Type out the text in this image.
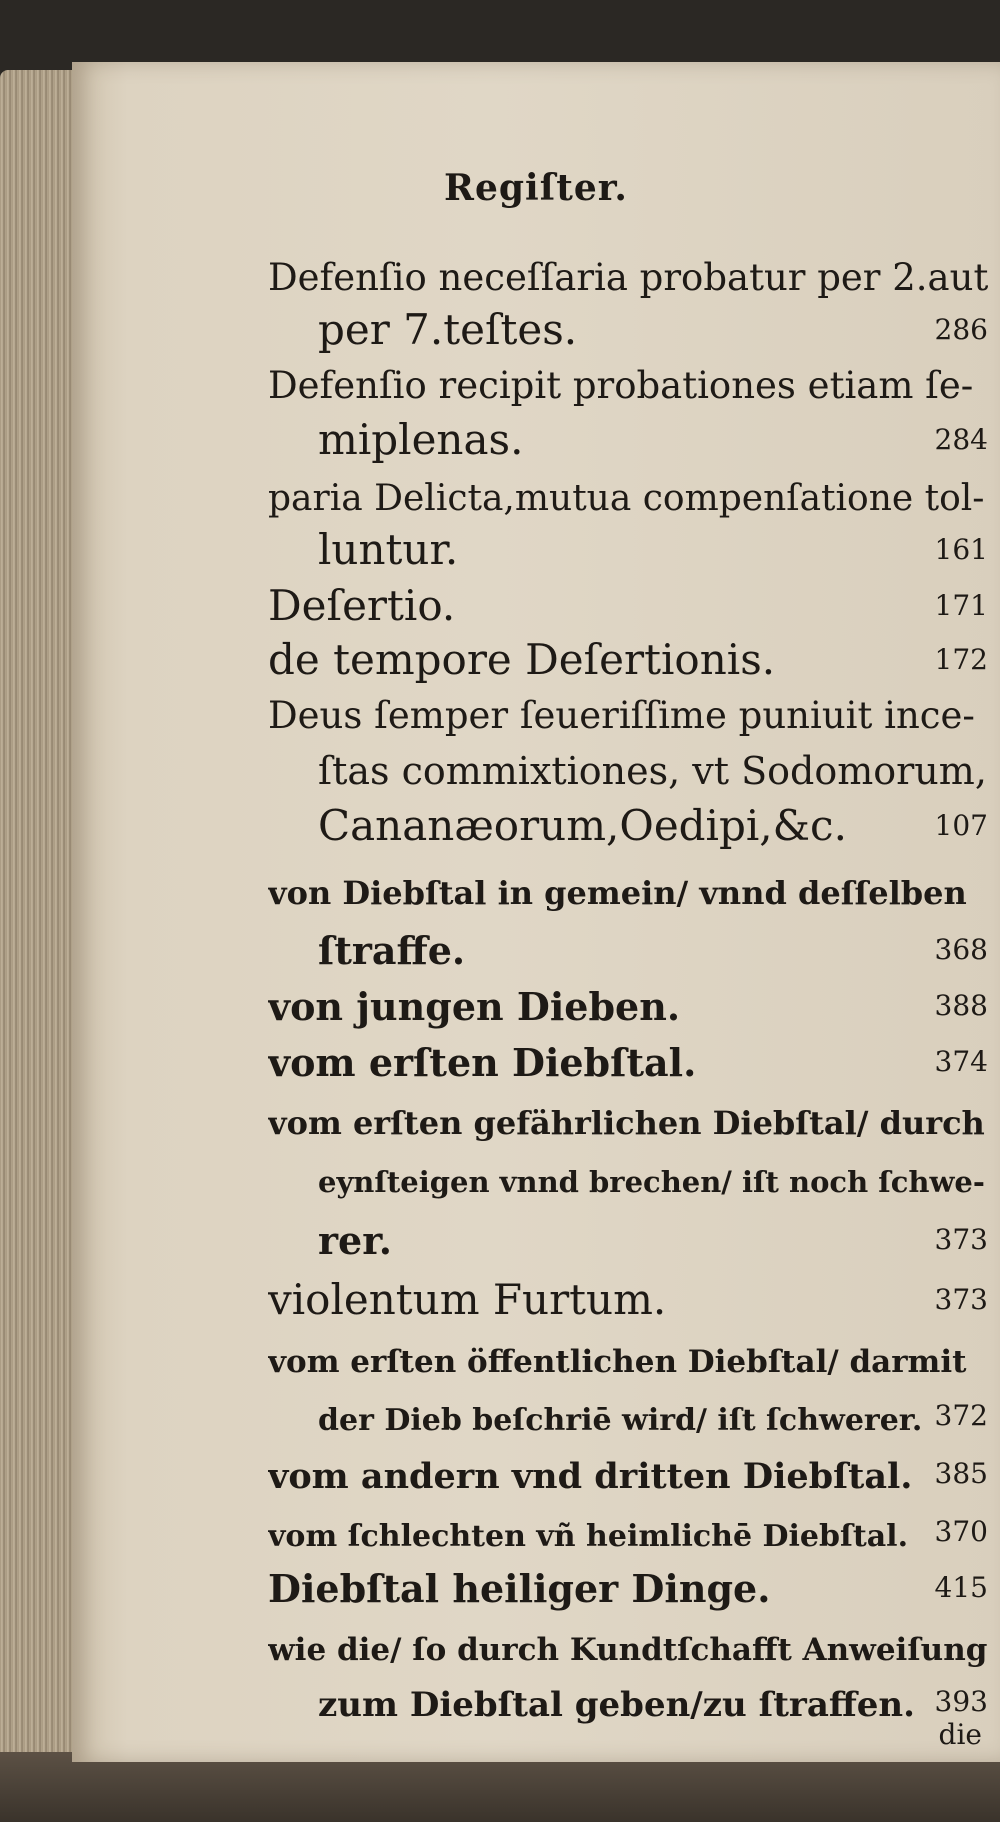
Regiſter.
Defenſio neceſſaria probatur per 2.aut
per 7.teſtes.	286
Defenſio recipit probationes etiam ſe-
miplenas.	284
paria Delicta,mutua compenſatione tol-
luntur.	161
Deſertio.	171
de tempore Deſertionis.	172
Deus ſemper ſeueriſſime puniuit ince-
ſtas commixtiones, vt Sodomorum,
Cananæorum,Oedipi,&c.	107
von Diebſtal in gemein/ vnnd deſſelben
ſtraffe.	368
von jungen Dieben.	388
vom erſten Diebſtal.	374
vom erſten gefährlichen Diebſtal/ durch
eynſteigen vnnd brechen/ iſt noch ſchwe-
rer.	373
violentum Furtum.	373
vom erſten öffentlichen Diebſtal/ darmit
der Dieb beſchriē wird/ iſt ſchwerer. 372
vom andern vnd dritten Diebſtal. 385
vom ſchlechten vñ heimlichē Diebſtal. 370
Diebſtal heiliger Dinge.	415
wie die/ ſo durch Kundtſchafft Anweiſung
zum Diebſtal geben/zu ſtraffen. 393
die
